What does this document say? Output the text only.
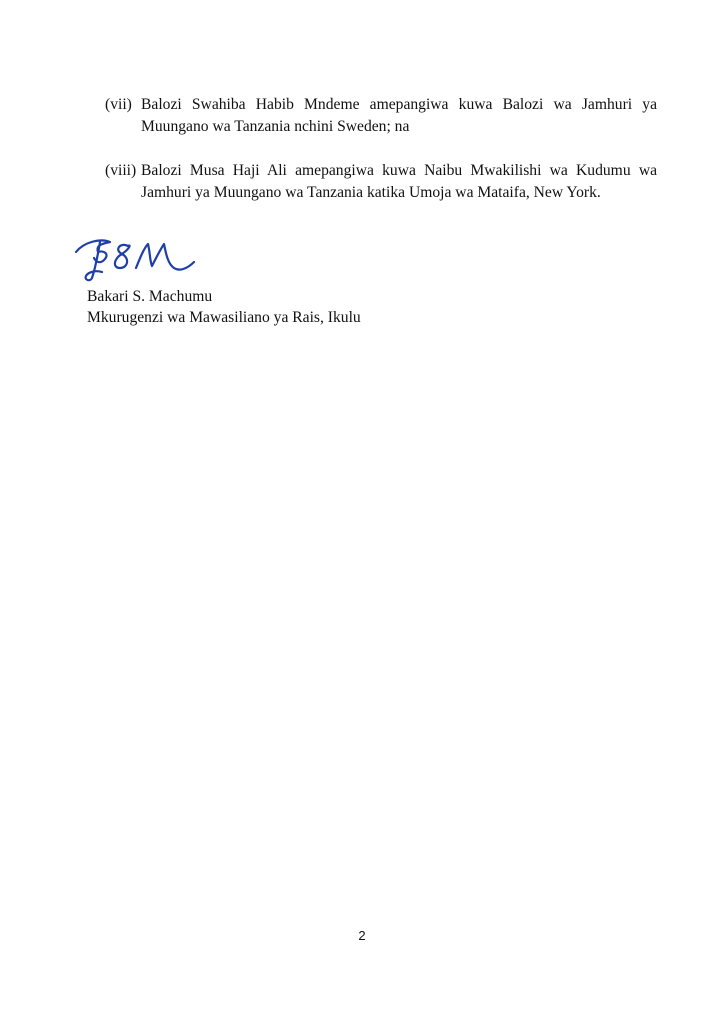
(vii) Balozi Swahiba Habib Mndeme amepangiwa kuwa Balozi wa Jamhuri ya Muungano wa Tanzania nchini Sweden; na
(viii) Balozi Musa Haji Ali amepangiwa kuwa Naibu Mwakilishi wa Kudumu wa Jamhuri ya Muungano wa Tanzania katika Umoja wa Mataifa, New York.
Bakari S. Machumu
Mkurugenzi wa Mawasiliano ya Rais, Ikulu
2
